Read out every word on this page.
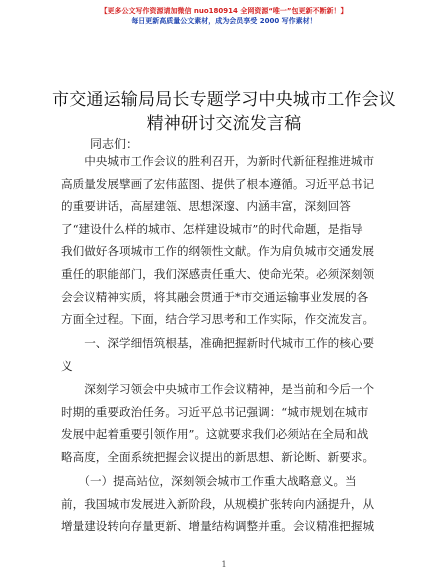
【更多公文写作资源请加微信 nuo180914 全网资源“唯一”包更新不断新！】
每日更新高质量公文素材，成为会员享受 2000 写作素材！
市交通运输局局长专题学习中央城市工作会议
精神研讨交流发言稿
同志们：
　　中央城市工作会议的胜利召开，为新时代新征程推进城市
高质量发展擘画了宏伟蓝图、提供了根本遵循。习近平总书记
的重要讲话，高屋建瓴、思想深邃、内涵丰富，深刻回答
了“建设什么样的城市、怎样建设城市”的时代命题，是指导
我们做好各项城市工作的纲领性文献。作为肩负城市交通发展
重任的职能部门，我们深感责任重大、使命光荣。必须深刻领
会会议精神实质，将其融会贯通于*市交通运输事业发展的各
方面全过程。下面，结合学习思考和工作实际，作交流发言。
　　一、深学细悟筑根基，准确把握新时代城市工作的核心要
义
　　深刻学习领会中央城市工作会议精神，是当前和今后一个
时期的重要政治任务。习近平总书记强调：“城市规划在城市
发展中起着重要引领作用”。这就要求我们必须站在全局和战
略高度，全面系统把握会议提出的新思想、新论断、新要求。
　　（一）提高站位，深刻领会城市工作重大战略意义。当
前，我国城市发展进入新阶段，从规模扩张转向内涵提升，从
增量建设转向存量更新、增量结构调整并重。会议精准把握城
1
